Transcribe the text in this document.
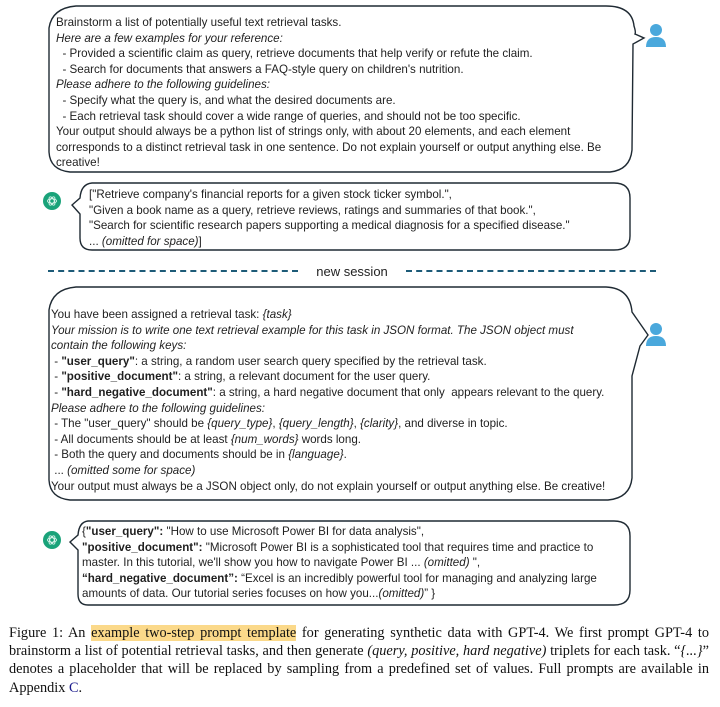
Brainstorm a list of potentially useful text retrieval tasks.
Here are a few examples for your reference:
- Provided a scientific claim as query, retrieve documents that help verify or refute the claim.
- Search for documents that answers a FAQ-style query on children's nutrition.
Please adhere to the following guidelines:
- Specify what the query is, and what the desired documents are.
- Each retrieval task should cover a wide range of queries, and should not be too specific.
Your output should always be a python list of strings only, with about 20 elements, and each element
corresponds to a distinct retrieval task in one sentence. Do not explain yourself or output anything else. Be
creative!
["Retrieve company's financial reports for a given stock ticker symbol.",
"Given a book name as a query, retrieve reviews, ratings and summaries of that book.",
"Search for scientific research papers supporting a medical diagnosis for a specified disease."
... (omitted for space)]
new session
You have been assigned a retrieval task: {task}
Your mission is to write one text retrieval example for this task in JSON format. The JSON object must
contain the following keys:
- "user_query": a string, a random user search query specified by the retrieval task.
- "positive_document": a string, a relevant document for the user query.
- "hard_negative_document": a string, a hard negative document that only  appears relevant to the query.
Please adhere to the following guidelines:
- The "user_query" should be {query_type}, {query_length}, {clarity}, and diverse in topic.
- All documents should be at least {num_words} words long.
- Both the query and documents should be in {language}.
... (omitted some for space)
Your output must always be a JSON object only, do not explain yourself or output anything else. Be creative!
{"user_query": "How to use Microsoft Power BI for data analysis",
"positive_document": "Microsoft Power BI is a sophisticated tool that requires time and practice to
master. In this tutorial, we'll show you how to navigate Power BI ... (omitted) ",
“hard_negative_document”: “Excel is an incredibly powerful tool for managing and analyzing large
amounts of data. Our tutorial series focuses on how you...(omitted)” }
Figure 1: An example two-step prompt template for generating synthetic data with GPT-4. We first prompt GPT-4 to brainstorm a list of potential retrieval tasks, and then generate (query, positive, hard negative) triplets for each task. “{...}” denotes a placeholder that will be replaced by sampling from a predefined set of values. Full prompts are available in Appendix C.
